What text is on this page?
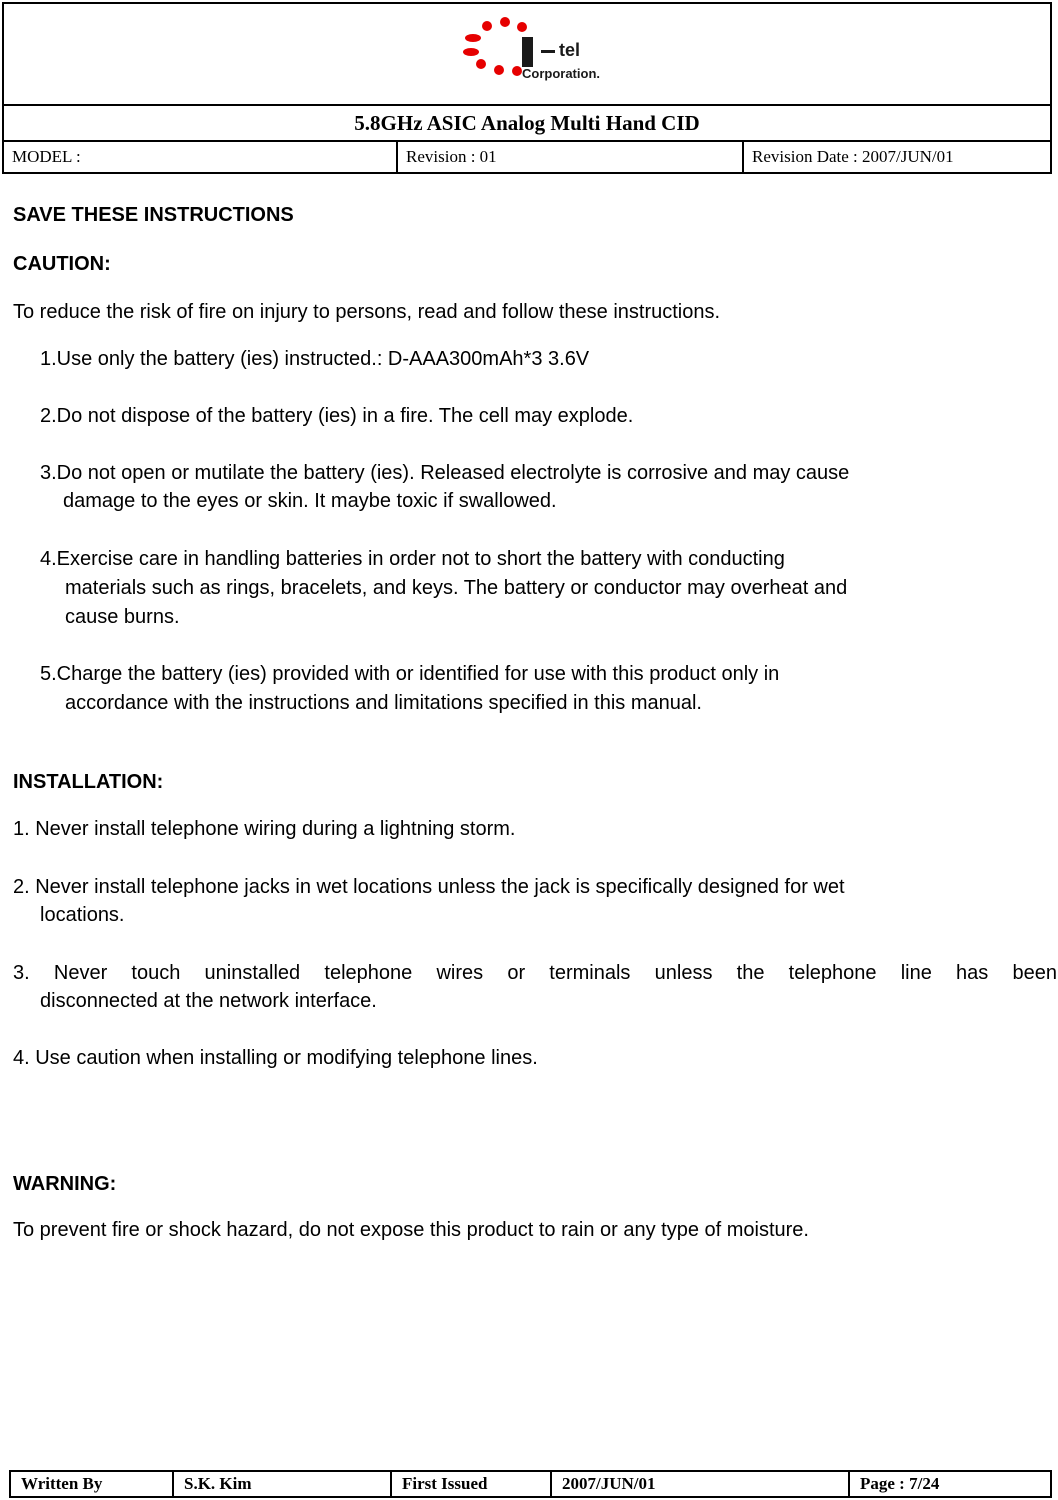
tel
Corporation.
5.8GHz ASIC Analog Multi Hand CID
MODEL :	Revision : 01	Revision Date : 2007/JUN/01

SAVE THESE INSTRUCTIONS

CAUTION:

To reduce the risk of fire on injury to persons, read and follow these instructions.

1.Use only the battery (ies) instructed.: D-AAA300mAh*3 3.6V

2.Do not dispose of the battery (ies) in a fire. The cell may explode.

3.Do not open or mutilate the battery (ies). Released electrolyte is corrosive and may cause

damage to the eyes or skin. It maybe toxic if swallowed.

4.Exercise care in handling batteries in order not to short the battery with conducting

materials such as rings, bracelets, and keys. The battery or conductor may overheat and

cause burns.

5.Charge the battery (ies) provided with or identified for use with this product only in

accordance with the instructions and limitations specified in this manual.

INSTALLATION:

1. Never install telephone wiring during a lightning storm.

2. Never install telephone jacks in wet locations unless the jack is specifically designed for wet

locations.

3. Never touch uninstalled telephone wires or terminals unless the telephone line has been

disconnected at the network interface.

4. Use caution when installing or modifying telephone lines.

WARNING:

To prevent fire or shock hazard, do not expose this product to rain or any type of moisture.

Written By	S.K. Kim	First Issued	2007/JUN/01	Page : 7/24
